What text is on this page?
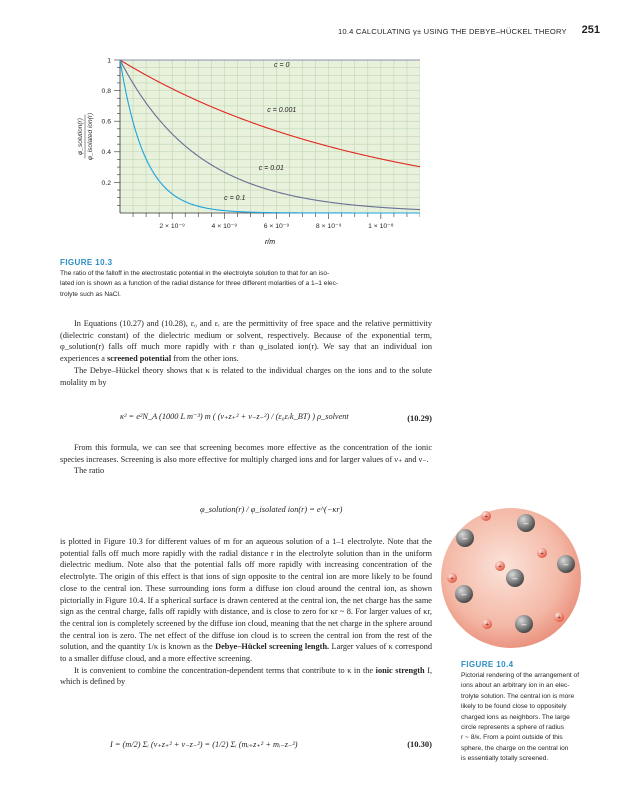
10.4 CALCULATING γ± USING THE DEBYE–HÜCKEL THEORY 251
2 × 10⁻⁹	4 × 10⁻⁹	6 × 10⁻⁹	8 × 10⁻⁹	1 × 10⁻⁸
0.2
0.4
0.6
0.8
1
c = 0
c = 0.001
c = 0.01
c = 0.1
r/m
φ_solution(r) φ_isolated ion(r)
FIGURE 10.3
The ratio of the falloff in the electrostatic potential in the electrolyte solution to that for an iso-
lated ion is shown as a function of the radial distance for three different molarities of a 1–1 elec-
trolyte such as NaCl.

In Equations (10.27) and (10.28), ε₀ and εᵣ are the permittivity of free space and the relative permittivity (dielectric constant) of the dielectric medium or solvent, respectively. Because of the exponential term, φ_solution(r) falls off much more rapidly with r than φ_isolated ion(r). We say that an individual ion experiences a screened potential from the other ions.

The Debye–Hückel theory shows that κ is related to the individual charges on the ions and to the solute molality m by

κ² = e²N_A (1000 L m⁻³) m ( (ν₊z₊² + ν₋z₋²) / (ε₀εᵣk_BT) ) ρ_solvent	(10.29)

From this formula, we can see that screening becomes more effective as the concentration of the ionic species increases. Screening is also more effective for multiply charged ions and for larger values of ν₊ and ν₋.

The ratio

φ_solution(r) / φ_isolated ion(r) = e^(−κr)

is plotted in Figure 10.3 for different values of m for an aqueous solution of a 1–1 electrolyte. Note that the potential falls off much more rapidly with the radial distance r in the electrolyte solution than in the uniform dielectric medium. Note also that the potential falls off more rapidly with increasing concentration of the electrolyte. The origin of this effect is that ions of sign opposite to the central ion are more likely to be found close to the central ion. These surrounding ions form a diffuse ion cloud around the central ion, as shown pictorially in Figure 10.4. If a spherical surface is drawn centered at the central ion, the net charge has the same sign as the central charge, falls off rapidly with distance, and is close to zero for κr ~ 8. For larger values of κr, the central ion is completely screened by the diffuse ion cloud, meaning that the net charge in the sphere around the central ion is zero. The net effect of the diffuse ion cloud is to screen the central ion from the rest of the solution, and the quantity 1/κ is known as the Debye–Hückel screening length. Larger values of κ correspond to a smaller diffuse cloud, and a more effective screening.

It is convenient to combine the concentration-dependent terms that contribute to κ in the ionic strength I, which is defined by

I = (m/2) Σᵢ (ν₊z₊² + ν₋z₋²) = (1/2) Σᵢ (mᵢ₊z₊² + mᵢ₋z₋²)	(10.30)
+
–
–
+
+	–
+	–
–
+
+	–
FIGURE 10.4
Pictorial rendering of the arrangement of
ions about an arbitrary ion in an elec-
trolyte solution. The central ion is more
likely to be found close to oppositely
charged ions as neighbors. The large
circle represents a sphere of radius
r ~ 8/κ. From a point outside of this
sphere, the charge on the central ion
is essentially totally screened.
